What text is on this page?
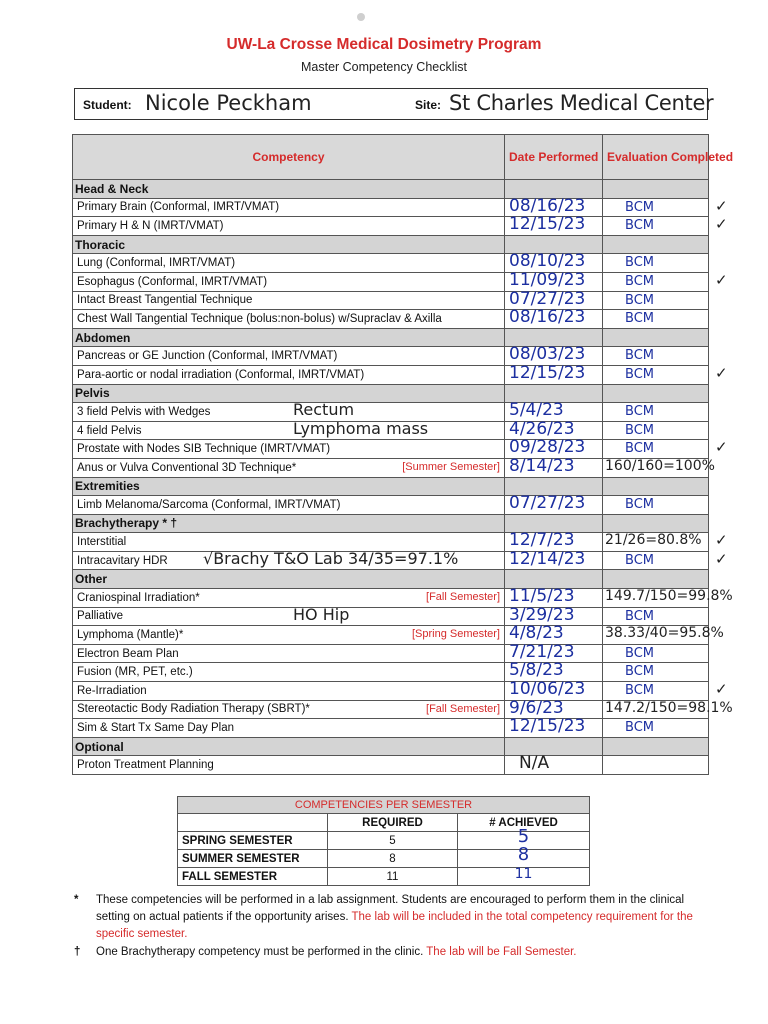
UW-La Crosse Medical Dosimetry Program
Master Competency Checklist
Student: Nicole Peckham	Site: St Charles Medical Center
Competency	Date Performed	Evaluation Completed
Head & Neck		
Primary Brain (Conformal, IMRT/VMAT)	08/16/23	BCM ✓

Primary H & N (IMRT/VMAT)	12/15/23	BCM ✓

Thoracic		
Lung (Conformal, IMRT/VMAT)	08/10/23	BCM

Esophagus (Conformal, IMRT/VMAT)	11/09/23	BCM ✓

Intact Breast Tangential Technique	07/27/23	BCM

Chest Wall Tangential Technique (bolus:non-bolus) w/Supraclav & Axilla	08/16/23	BCM

Abdomen		
Pancreas or GE Junction (Conformal, IMRT/VMAT)	08/03/23	BCM

Para-aortic or nodal irradiation (Conformal, IMRT/VMAT)	12/15/23	BCM ✓

Pelvis		
3 field Pelvis with Wedges Rectum	5/4/23	BCM

4 field Pelvis Lymphoma mass	4/26/23	BCM

Prostate with Nodes SIB Technique (IMRT/VMAT)	09/28/23	BCM ✓

Anus or Vulva Conventional 3D Technique* [Summer Semester]	8/14/23	160/160=100%

Extremities		
Limb Melanoma/Sarcoma (Conformal, IMRT/VMAT)	07/27/23	BCM

Brachytherapy * †		
Interstitial	12/7/23	21/26=80.8% ✓

Intracavitary HDR √Brachy T&O Lab 34/35=97.1%	12/14/23	BCM ✓

Other		
Craniospinal Irradiation* [Fall Semester]	11/5/23	149.7/150=99.8%

Palliative HO Hip	3/29/23	BCM

Lymphoma (Mantle)* [Spring Semester]	4/8/23	38.33/40=95.8%

Electron Beam Plan	7/21/23	BCM

Fusion (MR, PET, etc.)	5/8/23	BCM

Re-Irradiation	10/06/23	BCM ✓

Stereotactic Body Radiation Therapy (SBRT)* [Fall Semester]	9/6/23	147.2/150=98.1%

Sim & Start Tx Same Day Plan	12/15/23	BCM

Optional		
Proton Treatment Planning	N/A	

COMPETENCIES PER SEMESTER		
	REQUIRED	# ACHIEVED
SPRING SEMESTER	5	5

SUMMER SEMESTER	8	8

FALL SEMESTER	11	11
* These competencies will be performed in a lab assignment. Students are encouraged to perform them in the clinical setting on actual patients if the opportunity arises. The lab will be included in the total competency requirement for the specific semester.
† One Brachytherapy competency must be performed in the clinic. The lab will be Fall Semester.
